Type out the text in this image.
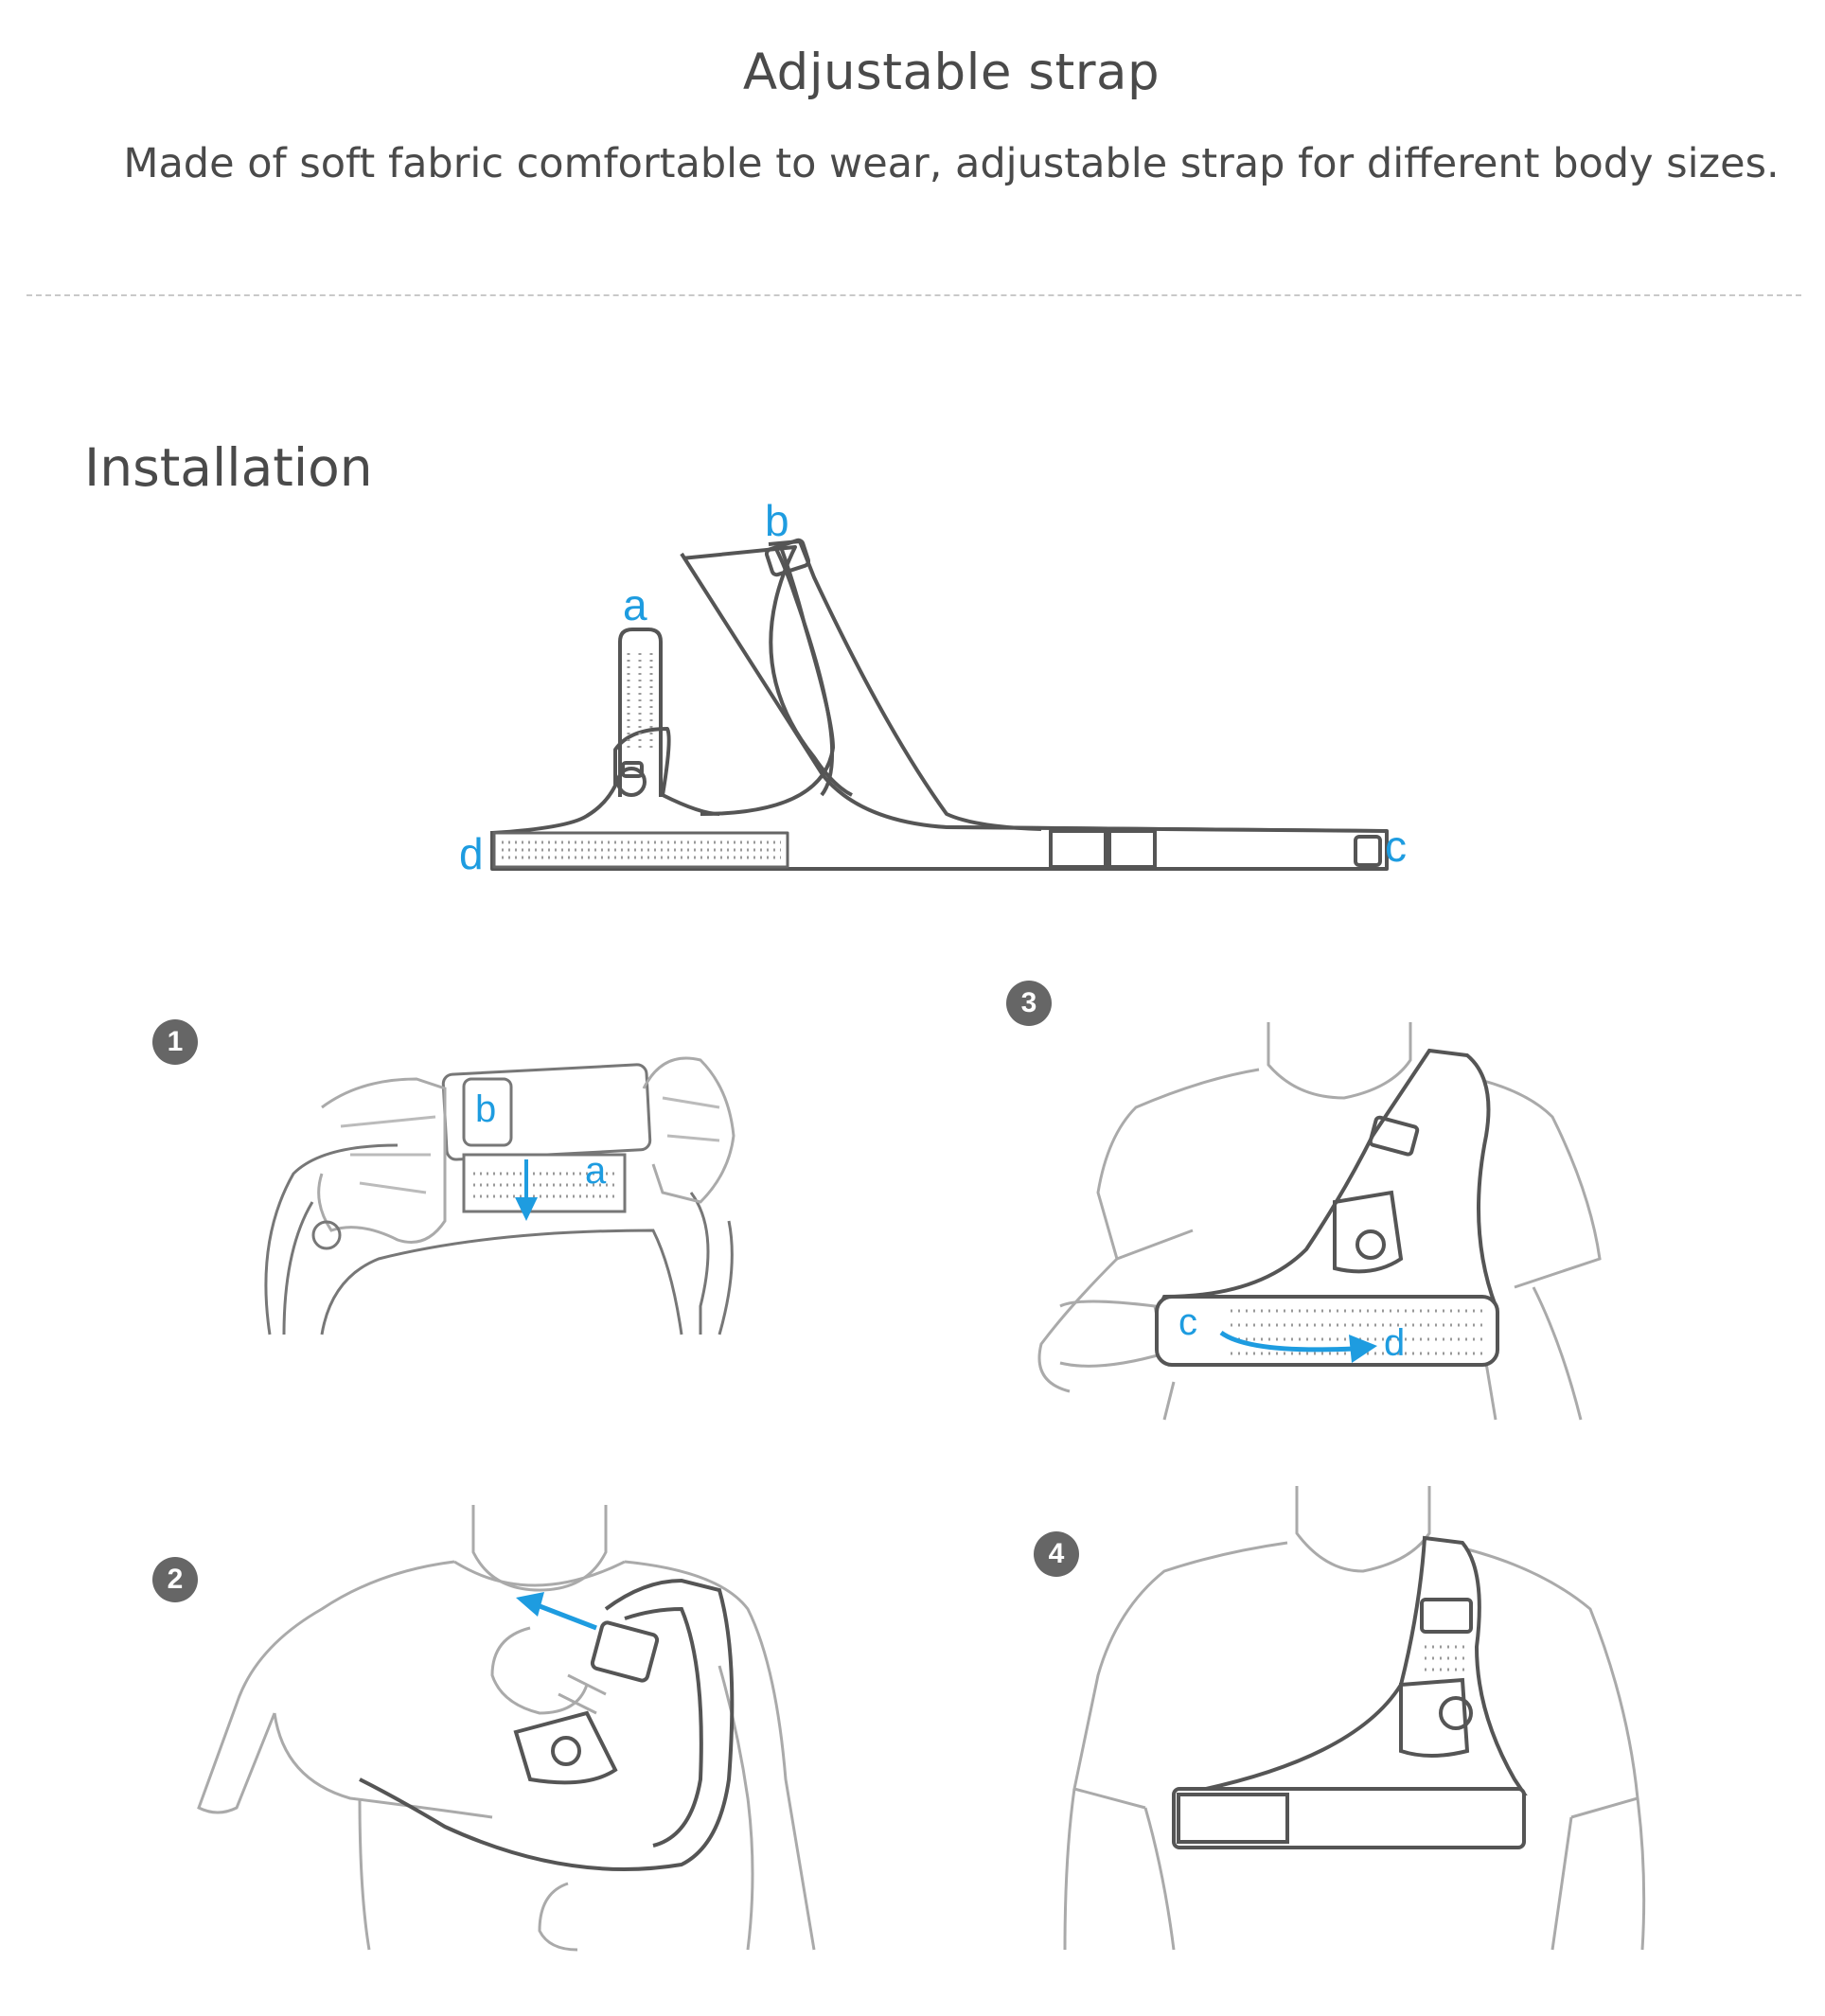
Adjustable strap
Made of soft fabric comfortable to wear, adjustable strap for different body sizes.
Installation
1
2
3
4
a
b
c
d
b
a
c	d
